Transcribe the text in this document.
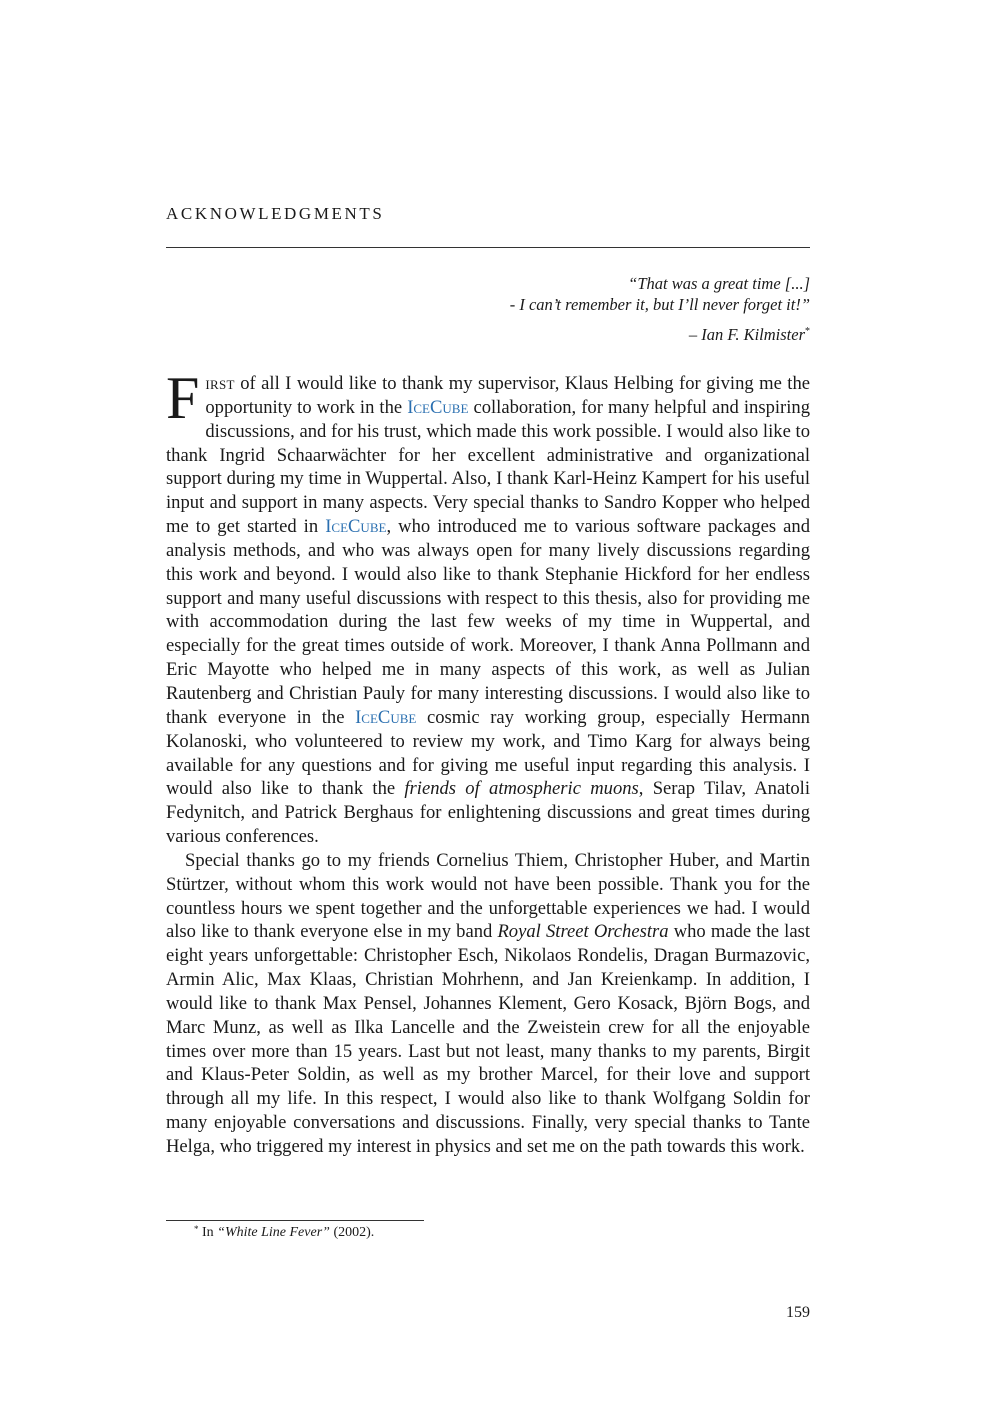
ACKNOWLEDGMENTS
“That was a great time [...]
- I can’t remember it, but I’ll never forget it!”
– Ian F. Kilmister*

First of all I would like to thank my supervisor, Klaus Helbing for giving me the opportunity to work in the IceCube collaboration, for many helpful and inspiring discussions, and for his trust, which made this work possible. I would also like to thank Ingrid Schaarwächter for her excellent administrative and organizational support during my time in Wuppertal. Also, I thank Karl-Heinz Kampert for his useful input and support in many aspects. Very special thanks to Sandro Kopper who helped me to get started in IceCube, who introduced me to various software packages and analysis methods, and who was always open for many lively discussions regarding this work and beyond. I would also like to thank Stephanie Hickford for her endless support and many useful discussions with respect to this thesis, also for providing me with accommodation during the last few weeks of my time in Wuppertal, and especially for the great times outside of work. Moreover, I thank Anna Pollmann and Eric Mayotte who helped me in many aspects of this work, as well as Julian Rautenberg and Christian Pauly for many interesting discussions. I would also like to thank everyone in the IceCube cosmic ray working group, especially Hermann Kolanoski, who volunteered to review my work, and Timo Karg for always being available for any questions and for giving me useful input regarding this analysis. I would also like to thank the friends of atmospheric muons, Serap Tilav, Anatoli Fedynitch, and Patrick Berghaus for enlightening discussions and great times during various conferences.

Special thanks go to my friends Cornelius Thiem, Christopher Huber, and Martin Stürtzer, without whom this work would not have been possible. Thank you for the countless hours we spent together and the unforgettable experiences we had. I would also like to thank everyone else in my band Royal Street Orchestra who made the last eight years unforgettable: Christopher Esch, Nikolaos Rondelis, Dragan Burmazovic, Armin Alic, Max Klaas, Christian Mohrhenn, and Jan Kreienkamp. In addition, I would like to thank Max Pensel, Johannes Klement, Gero Kosack, Björn Bogs, and Marc Munz, as well as Ilka Lancelle and the Zweistein crew for all the enjoyable times over more than 15 years. Last but not least, many thanks to my parents, Birgit and Klaus-Peter Soldin, as well as my brother Marcel, for their love and support through all my life. In this respect, I would also like to thank Wolfgang Soldin for many enjoyable conversations and discussions. Finally, very special thanks to Tante Helga, who triggered my interest in physics and set me on the path towards this work.

* In “White Line Fever” (2002).
159
